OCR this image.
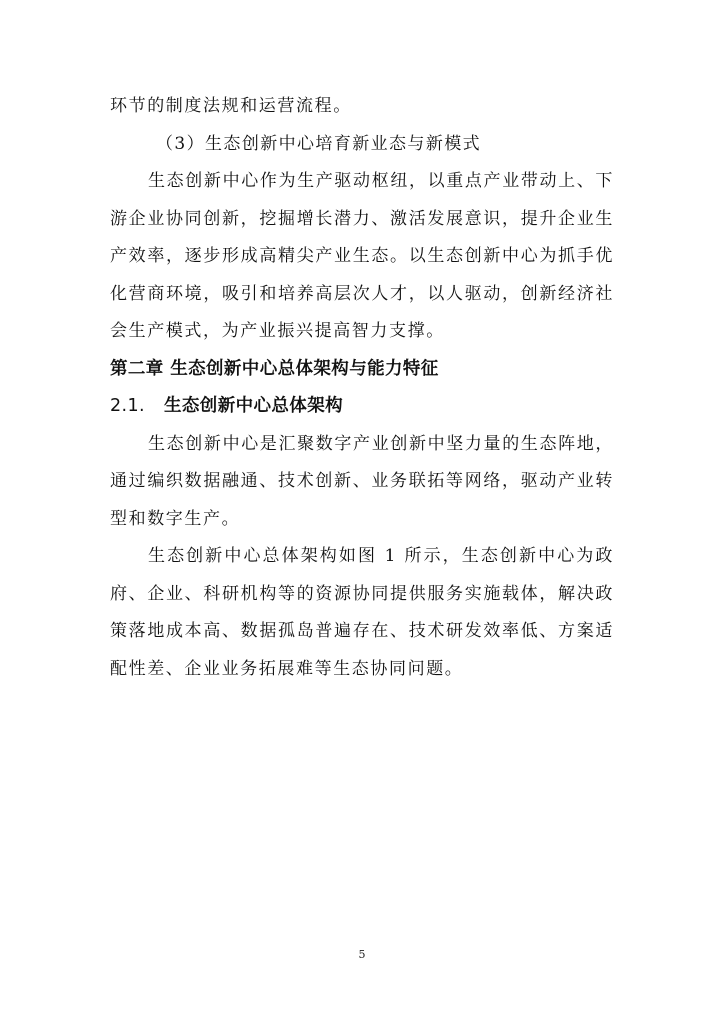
环节的制度法规和运营流程。

（3）生态创新中心培育新业态与新模式

生态创新中心作为生产驱动枢纽，以重点产业带动上、下游企业协同创新，挖掘增长潜力、激活发展意识，提升企业生产效率，逐步形成高精尖产业生态。以生态创新中心为抓手优化营商环境，吸引和培养高层次人才，以人驱动，创新经济社会生产模式，为产业振兴提高智力支撑。

第二章 生态创新中心总体架构与能力特征
2.1.	生态创新中心总体架构

生态创新中心是汇聚数字产业创新中坚力量的生态阵地，通过编织数据融通、技术创新、业务联拓等网络，驱动产业转型和数字生产。

生态创新中心总体架构如图 1 所示，生态创新中心为政府、企业、科研机构等的资源协同提供服务实施载体，解决政策落地成本高、数据孤岛普遍存在、技术研发效率低、方案适配性差、企业业务拓展难等生态协同问题。

5
